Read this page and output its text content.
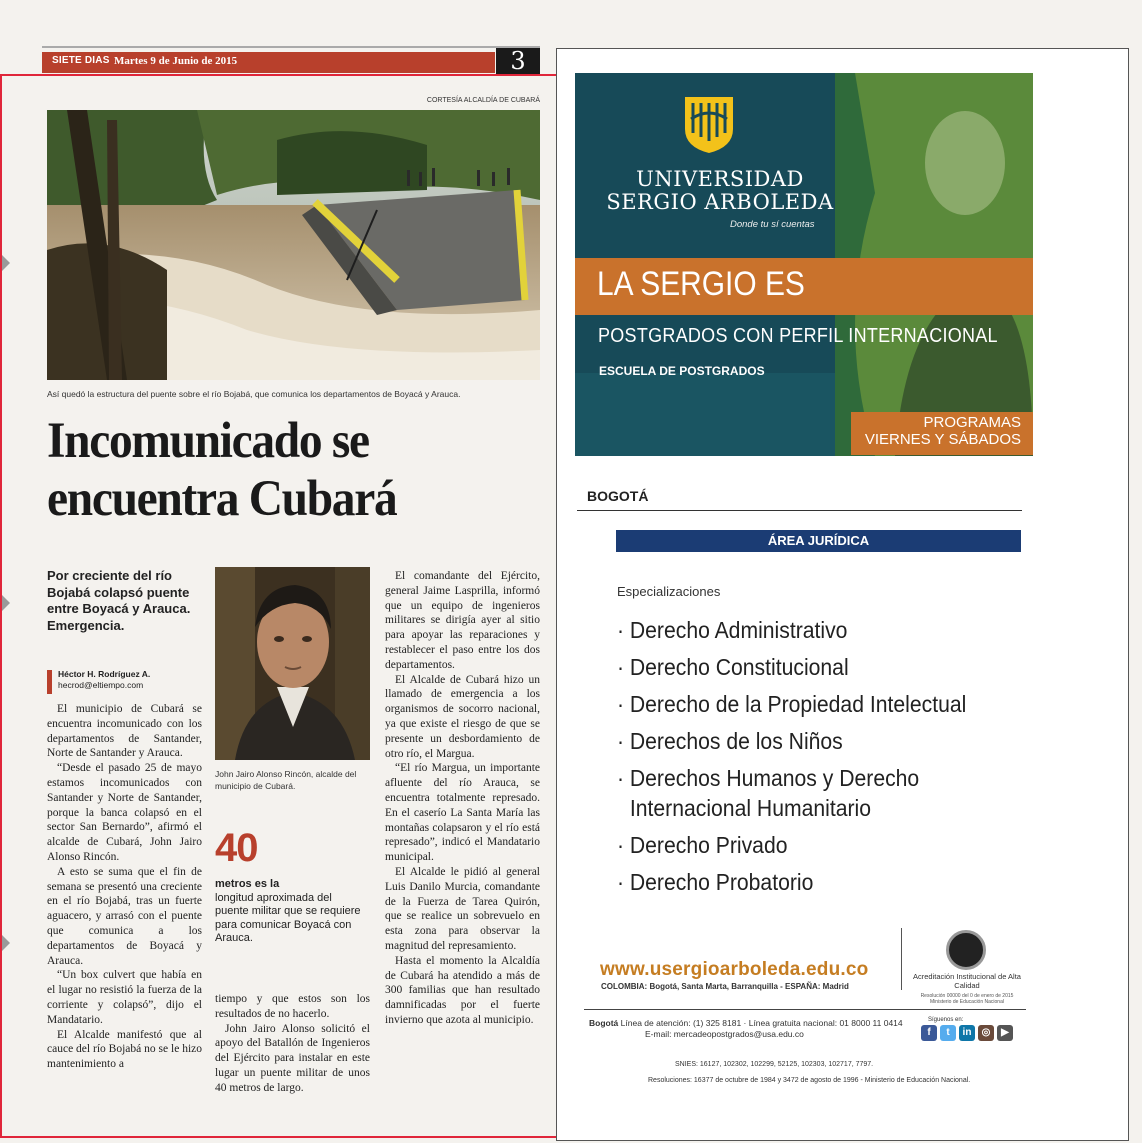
SIETE DIAS Martes 9 de Junio de 2015	3
CORTESÍA ALCALDÍA DE CUBARÁ
Así quedó la estructura del puente sobre el río Bojabá, que comunica los departamentos de Boyacá y Arauca.
Incomunicado se encuentra Cubará
Por creciente del río Bojabá colapsó puente entre Boyacá y Arauca. Emergencia.
Héctor H. Rodríguez A.
hecrod@eltiempo.com

El municipio de Cubará se encuentra incomunicado con los departamentos de Santander, Norte de Santander y Arauca.

“Desde el pasado 25 de mayo estamos incomunicados con Santander y Norte de Santander, porque la banca colapsó en el sector San Bernardo”, afirmó el alcalde de Cubará, John Jairo Alonso Rincón.

A esto se suma que el fin de semana se presentó una creciente en el río Bojabá, tras un fuerte aguacero, y arrasó con el puente que comunica a los departamentos de Boyacá y Arauca.

“Un box culvert que había en el lugar no resistió la fuerza de la corriente y colapsó”, dijo el Mandatario.

El Alcalde manifestó que al cauce del río Bojabá no se le hizo mantenimiento a

John Jairo Alonso Rincón, alcalde del municipio de Cubará.
40
metros es la
longitud aproximada del puente militar que se requiere para comunicar Boyacá con Arauca.

tiempo y que estos son los resultados de no hacerlo.

John Jairo Alonso solicitó el apoyo del Batallón de Ingenieros del Ejército para instalar en este lugar un puente militar de unos 40 metros de largo.

El comandante del Ejército, general Jaime Lasprilla, informó que un equipo de ingenieros militares se dirigía ayer al sitio para apoyar las reparaciones y restablecer el paso entre los dos departamentos.

El Alcalde de Cubará hizo un llamado de emergencia a los organismos de socorro nacional, ya que existe el riesgo de que se presente un desbordamiento de otro río, el Margua.

“El río Margua, un importante afluente del río Arauca, se encuentra totalmente represado. En el caserío La Santa María las montañas colapsaron y el río está represado”, indicó el Mandatario municipal.

El Alcalde le pidió al general Luis Danilo Murcia, comandante de la Fuerza de Tarea Quirón, que se realice un sobrevuelo en esta zona para observar la magnitud del represamiento.

Hasta el momento la Alcaldía de Cubará ha atendido a más de 300 familias que han resultado damnificadas por el fuerte invierno que azota al municipio.

UNIVERSIDAD
SERGIO ARBOLEDA
Donde tu sí cuentas
LA SERGIO ES
POSTGRADOS CON PERFIL INTERNACIONAL
ESCUELA DE POSTGRADOS
PROGRAMAS
VIERNES Y SÁBADOS
BOGOTÁ
ÁREA JURÍDICA
Especializaciones
· Derecho Administrativo
· Derecho Constitucional
· Derecho de la Propiedad Intelectual
· Derechos de los Niños
· Derechos Humanos y Derecho Internacional Humanitario
· Derecho Privado
· Derecho Probatorio
www.usergioarboleda.edu.co
COLOMBIA: Bogotá, Santa Marta, Barranquilla - ESPAÑA: Madrid
Acreditación Institucional de Alta Calidad
Resolución 00000 del 0 de enero de 2015 Ministerio de Educación Nacional
Bogotá Línea de atención: (1) 325 8181 · Línea gratuita nacional: 01 8000 11 0414
E-mail: mercadeopostgrados@usa.edu.co
Síguenos en:
f	t	in	◎	▶
SNIES: 16127, 102302, 102299, 52125, 102303, 102717, 7797.
Resoluciones: 16377 de octubre de 1984 y 3472 de agosto de 1996 - Ministerio de Educación Nacional.
